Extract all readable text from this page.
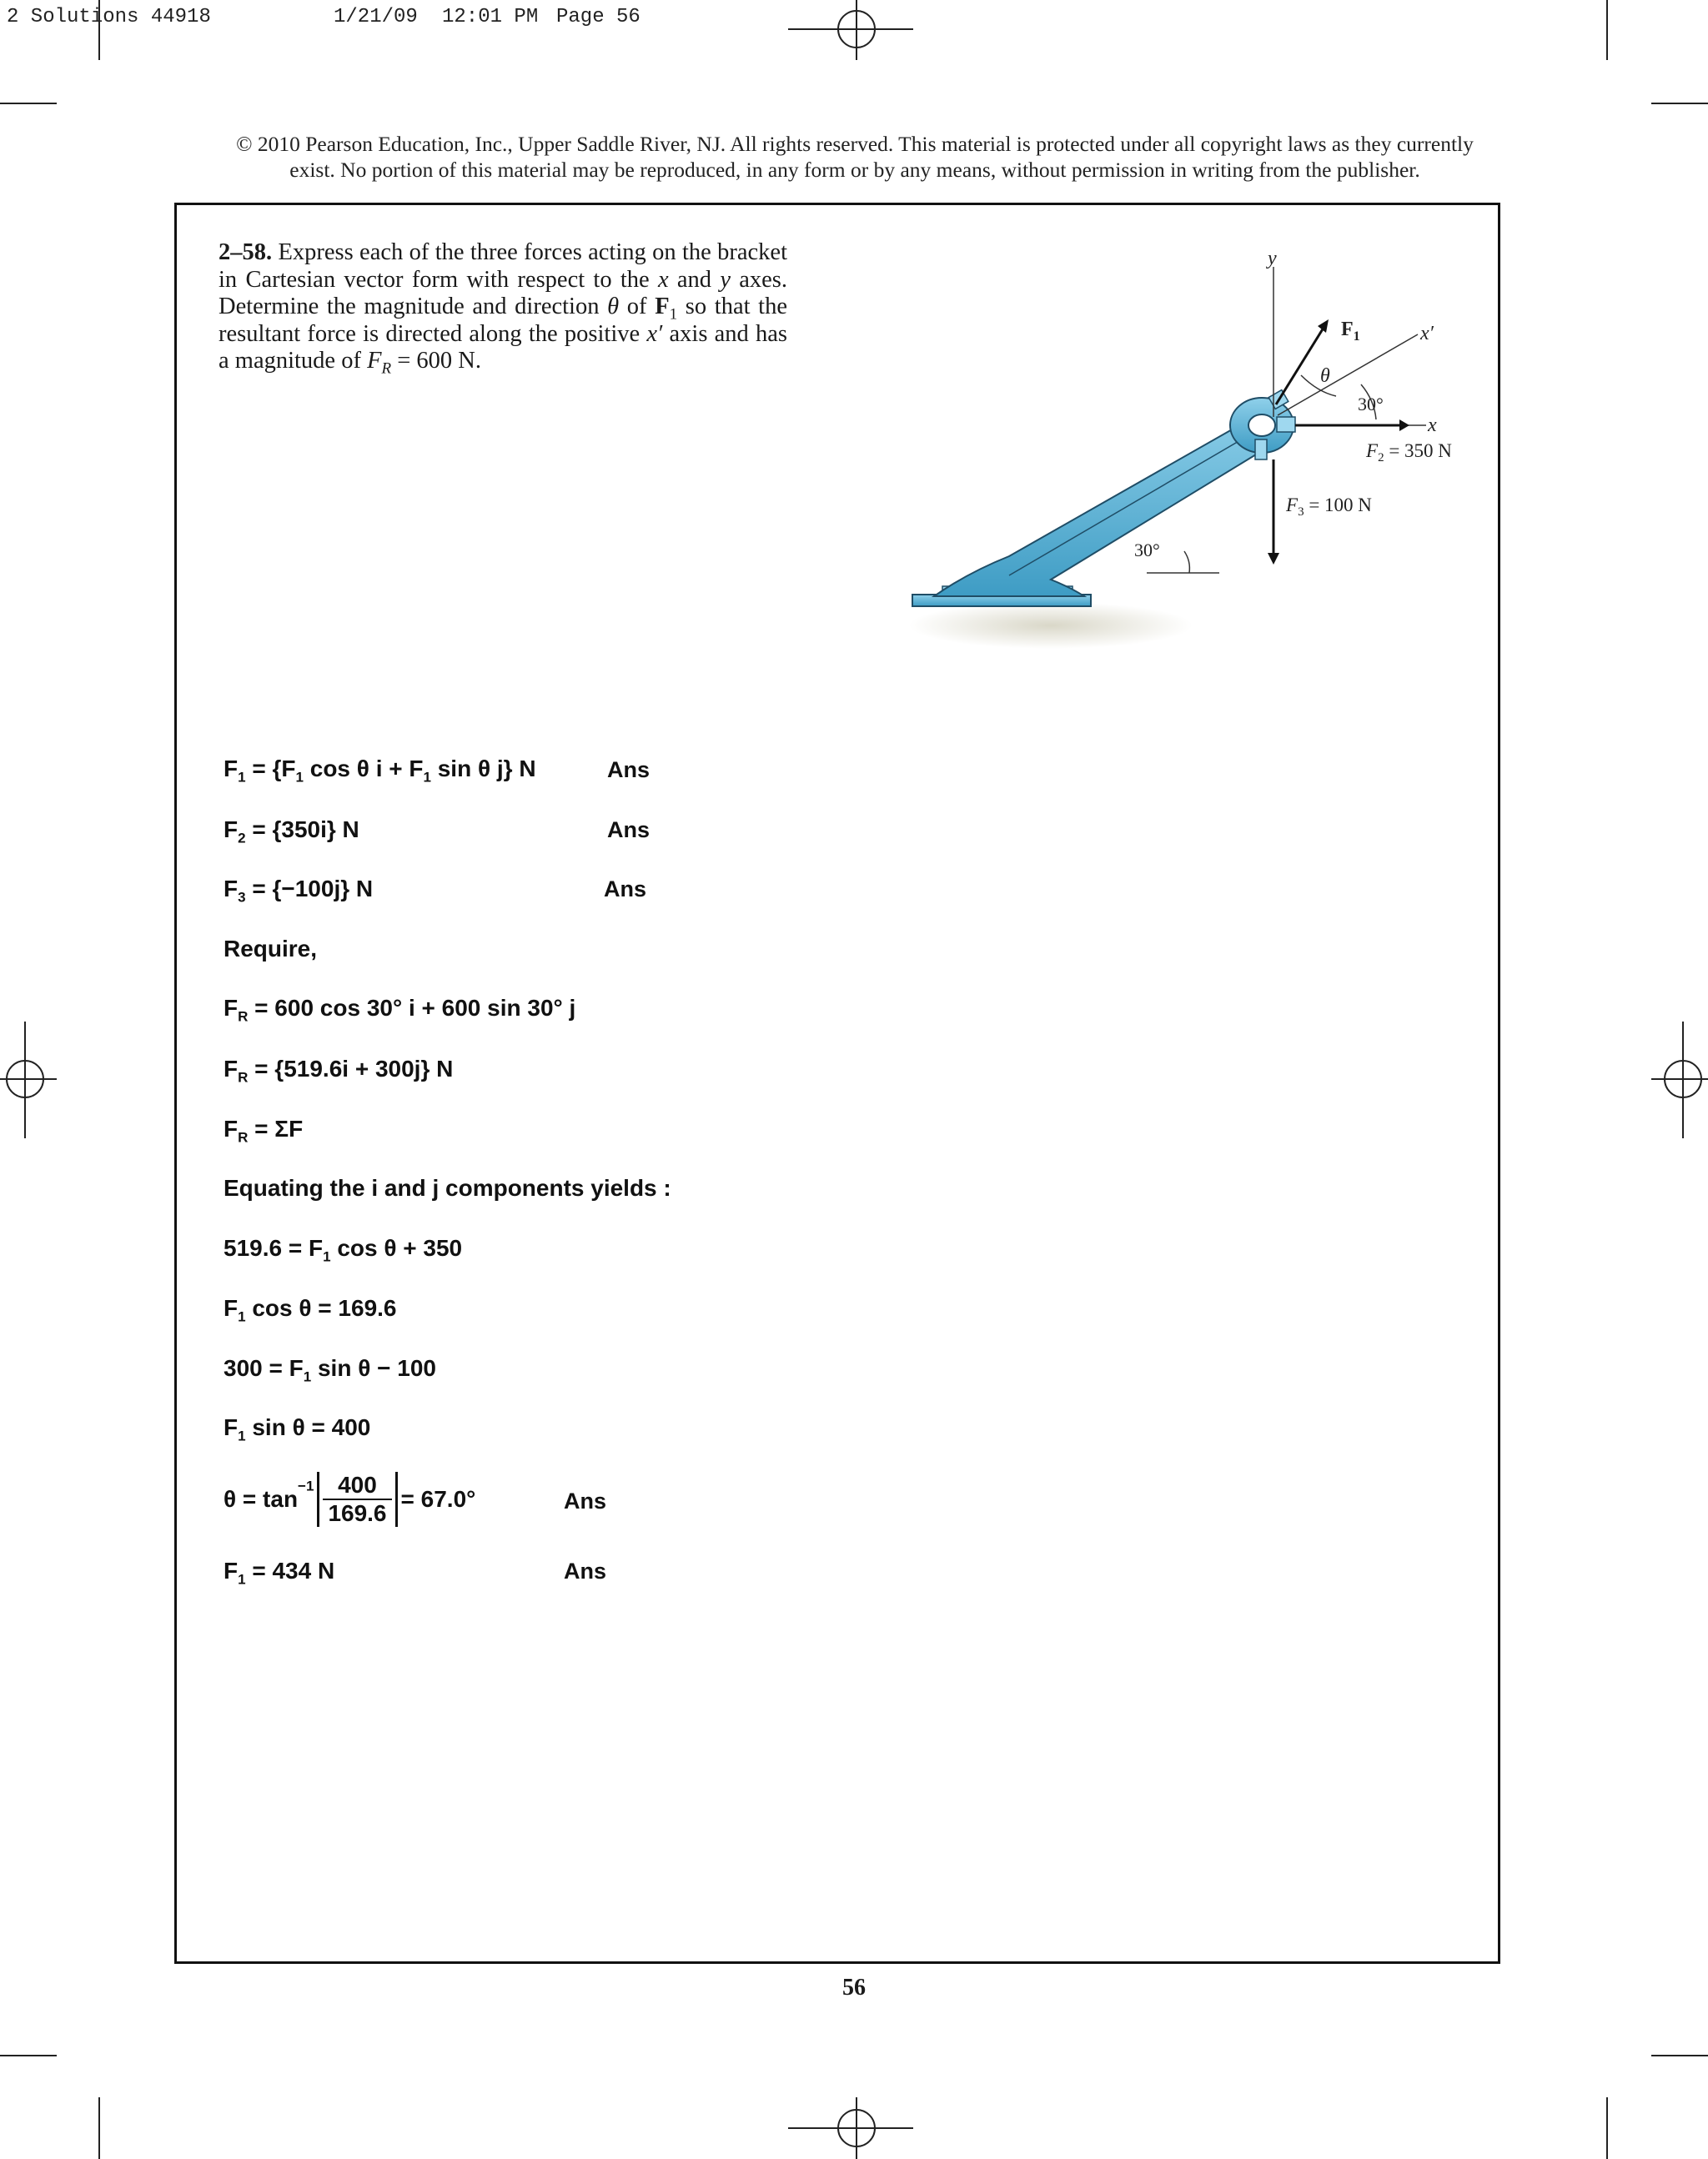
2 Solutions 44918

	1/21/09

12:01 PM

Page 56

© 2010 Pearson Education, Inc., Upper Saddle River, NJ. All rights reserved. This material is protected under all copyright laws as they currently
exist. No portion of this material may be reproduced, in any form or by any means, without permission in writing from the publisher.
2–58. Express each of the three forces acting on the bracket in Cartesian vector form with respect to the x and y axes. Determine the magnitude and direction θ of $F_1$ so that the resultant force is directed along the positive x′ axis and has a magnitude of $F_R = 600$ N.
y
x
x′
$F_1$
θ
30°
$F_2 = 350$ N
$F_3 = 100$ N
30°
$F_1 = \{F_1$ cos θ $i + F_1$ sin θ j} N	Ans
$F_2 = \{350i\}$ N	Ans
$F_3 = \{-100j\}$ N	Ans
Require,
$F_R = 600$ cos 30° i + 600 sin 30° j
$F_R = \{519.6i + 300j\}$ N
$F_R = \Sigma F$
Equating the i and j components yields :
$519.6 = F_1$ cos θ + 350
$F_1$ cos θ = 169.6
$300 = F_1$ sin θ − 100
$F_1$ sin θ = 400
$\theta = \tan^{-1} \frac{400}{169.6} = 67.0^\circ$	Ans
$F_1 = 434$ N	Ans
56
